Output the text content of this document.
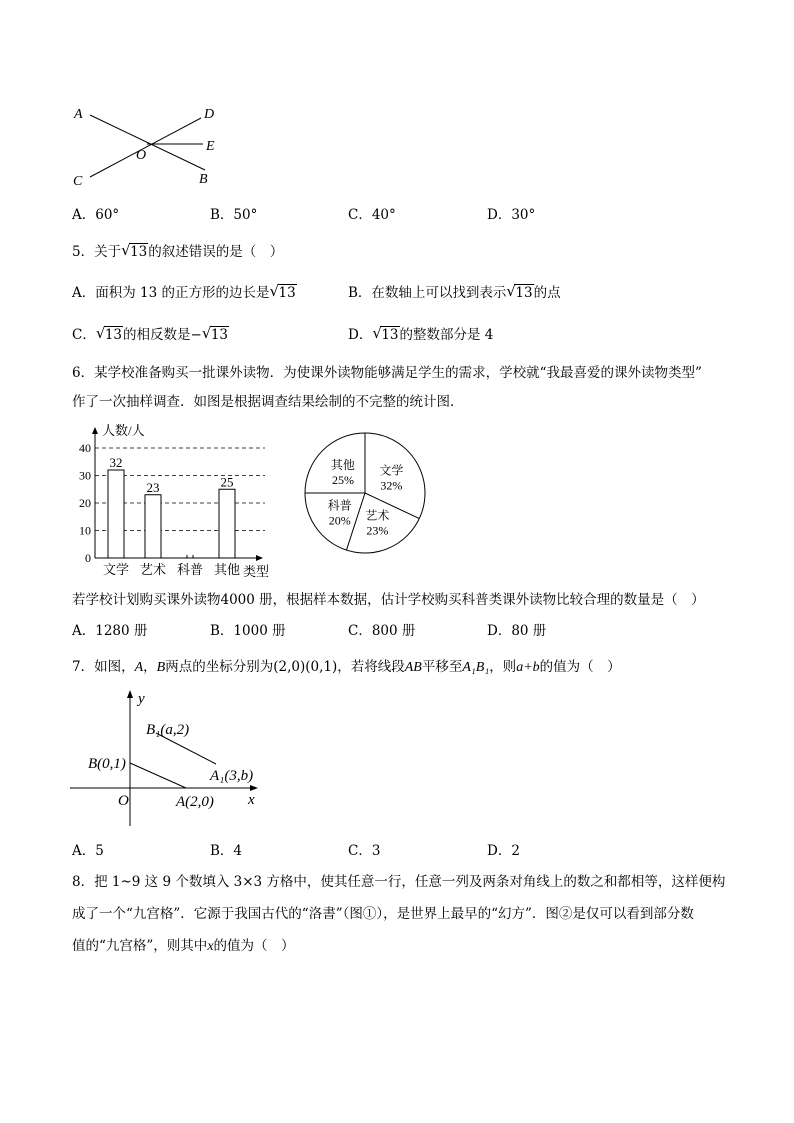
A	D
O
E
C	B
A．60°	B．50°	C．40°	D．30°
5．关于 √ 13的叙述错误的是（　）
A．面积为 13 的正方形的边长是 √ 13	B．在数轴上可以找到表示 √ 13的点
C． √ 13的相反数是− √ 13	D． √ 13的整数部分是 4
6．某学校准备购买一批课外读物．为使课外读物能够满足学生的需求，学校就“我最喜爱的课外读物类型”
作了一次抽样调查．如图是根据调查结果绘制的不完整的统计图．
人数/人
0
10
20
30
40
32
23	25
文学 艺术 科普 其他 类型
文学
32%
艺术
23%
科普
20%
其他
25%
若学校计划购买课外读物4000 册，根据样本数据，估计学校购买科普类课外读物比较合理的数量是（　）
A．1280 册	B．1000 册	C．800 册	D．80 册
7．如图，A，B两点的坐标分别为(2,0)(0,1)，若将线段AB平移至A₁B₁，则a+b的值为（　）
y
B₁(a,2)
B(0,1)
A₁(3,b)
O	A(2,0) x
A．5	B．4	C．3	D．2
8．把 1~9 这 9 个数填入 3×3 方格中，使其任意一行，任意一列及两条对角线上的数之和都相等，这样便构
成了一个“九宫格”．它源于我国古代的“洛書”（图①），是世界上最早的“幻方”．图②是仅可以看到部分数
值的“九宫格”，则其中x的值为（　）
